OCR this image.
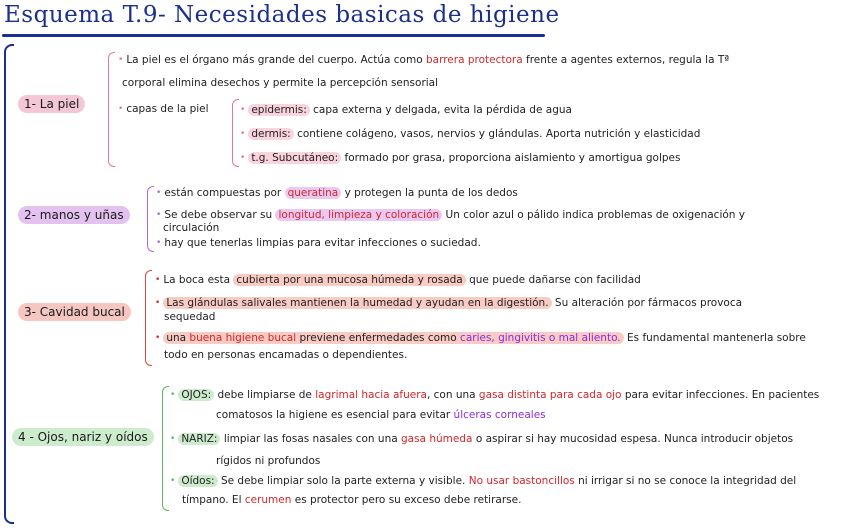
Esquema T.9- Necesidades basicas de higiene
1- La piel
• La piel es el órgano más grande del cuerpo. Actúa como barrera protectora frente a agentes externos, regula la Tª
corporal elimina desechos y permite la percepción sensorial
• capas de la piel	• epidermis: capa externa y delgada, evita la pérdida de agua
• dermis: contiene colágeno, vasos, nervios y glándulas. Aporta nutrición y elasticidad
• t.g. Subcutáneo: formado por grasa, proporciona aislamiento y amortigua golpes
2- manos y uñas
• están compuestas por queratina y protegen la punta de los dedos
• Se debe observar su longitud, limpieza y coloración Un color azul o pálido indica problemas de oxigenación y
circulación
• hay que tenerlas limpias para evitar infecciones o suciedad.
3- Cavidad bucal
• La boca esta cubierta por una mucosa húmeda y rosada que puede dañarse con facilidad
• Las glándulas salivales mantienen la humedad y ayudan en la digestión. Su alteración por fármacos provoca
sequedad
• una buena higiene bucal previene enfermedades como caries, gingivitis o mal aliento. Es fundamental mantenerla sobre
todo en personas encamadas o dependientes.
4 - Ojos, nariz y oídos
• OJOS: debe limpiarse de lagrimal hacia afuera, con una gasa distinta para cada ojo para evitar infecciones. En pacientes
comatosos la higiene es esencial para evitar úlceras corneales
• NARIZ: limpiar las fosas nasales con una gasa húmeda o aspirar si hay mucosidad espesa. Nunca introducir objetos
rígidos ni profundos
• Oídos: Se debe limpiar solo la parte externa y visible. No usar bastoncillos ni irrigar si no se conoce la integridad del
tímpano. El cerumen es protector pero su exceso debe retirarse.
